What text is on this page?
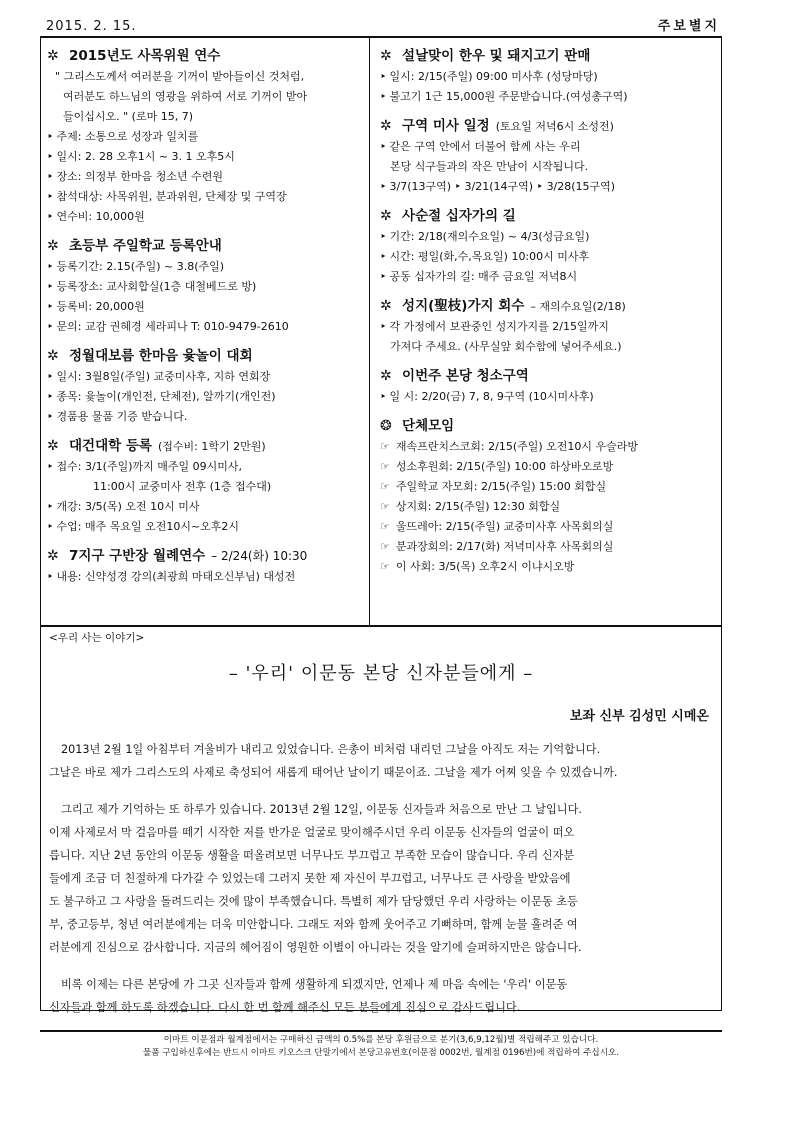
2015. 2. 15.	주보별지
✲ 2015년도 사목위원 연수
" 그리스도께서 여러분을 기꺼이 받아들이신 것처럼,
여러분도 하느님의 영광을 위하여 서로 기꺼이 받아
들이십시오. " (로마 15, 7)
‣ 주제: 소통으로 성장과 일치를
‣ 일시: 2. 28 오후1시 ~ 3. 1 오후5시
‣ 장소: 의정부 한마음 청소년 수련원
‣ 참석대상: 사목위원, 분과위원, 단체장 및 구역장
‣ 연수비: 10,000원
✲ 초등부 주일학교 등록안내
‣ 등록기간: 2.15(주일) ~ 3.8(주일)
‣ 등록장소: 교사회합실(1층 대철베드로 방)
‣ 등록비: 20,000원
‣ 문의: 교감 권혜경 세라피나 T: 010-9479-2610
✲ 정월대보름 한마음 윷놀이 대회
‣ 일시: 3월8일(주일) 교중미사후, 지하 연회장
‣ 종목: 윷놀이(개인전, 단체전), 알까기(개인전)
‣ 경품용 물품 기증 받습니다.
✲ 대건대학 등록 (접수비: 1학기 2만원)
‣ 접수: 3/1(주일)까지 매주일 09시미사,
11:00시 교중미사 전후 (1층 접수대)
‣ 개강: 3/5(목) 오전 10시 미사
‣ 수업: 매주 목요일 오전10시~오후2시
✲ 7지구 구반장 월례연수 – 2/24(화) 10:30
‣ 내용: 신약성경 강의(최광희 마태오신부님) 대성전
✲ 설날맞이 한우 및 돼지고기 판매
‣ 일시: 2/15(주일) 09:00 미사후 (성당마당)
‣ 불고기 1근 15,000원 주문받습니다.(여성총구역)
✲ 구역 미사 일정 (토요일 저녁6시 소성전)
‣ 같은 구역 안에서 더불어 함께 사는 우리
본당 식구들과의 작은 만남이 시작됩니다.
‣ 3/7(13구역) ‣ 3/21(14구역) ‣ 3/28(15구역)
✲ 사순절 십자가의 길
‣ 기간: 2/18(재의수요일) ~ 4/3(성금요일)
‣ 시간: 평일(화,수,목요일) 10:00시 미사후
‣ 공동 십자가의 길: 매주 금요일 저녁8시
✲ 성지(聖枝)가지 회수 – 재의수요일(2/18)
‣ 각 가정에서 보관중인 성지가지를 2/15일까지
가져다 주세요. (사무실앞 회수함에 넣어주세요.)
✲ 이번주 본당 청소구역
‣ 일 시: 2/20(금) 7, 8, 9구역 (10시미사후)
❂ 단체모임
☞ 재속프란치스코회: 2/15(주일) 오전10시 우슬라방
☞ 성소후원회: 2/15(주일) 10:00 하상바오로방
☞ 주일학교 자모회: 2/15(주일) 15:00 회합실
☞ 상지회: 2/15(주일) 12:30 회합실
☞ 울뜨레아: 2/15(주일) 교중미사후 사목회의실
☞ 분과장회의: 2/17(화) 저녁미사후 사목회의실
☞ 이 사회: 3/5(목) 오후2시 이냐시오방
<우리 사는 이야기>
– '우리' 이문동 본당 신자분들에게 –
보좌 신부 김성민 시메온

2013년 2월 1일 아침부터 겨울비가 내리고 있었습니다. 은총이 비처럼 내리던 그날을 아직도 저는 기억합니다.
그날은 바로 제가 그리스도의 사제로 축성되어 새롭게 태어난 날이기 때문이죠. 그날을 제가 어찌 잊을 수 있겠습니까.

그리고 제가 기억하는 또 하루가 있습니다. 2013년 2월 12일, 이문동 신자들과 처음으로 만난 그 날입니다.
이제 사제로서 막 걸음마를 떼기 시작한 저를 반가운 얼굴로 맞이해주시던 우리 이문동 신자들의 얼굴이 떠오
릅니다. 지난 2년 동안의 이문동 생활을 떠올려보면 너무나도 부끄럽고 부족한 모습이 많습니다. 우리 신자분
들에게 조금 더 친절하게 다가갈 수 있었는데 그러지 못한 제 자신이 부끄럽고, 너무나도 큰 사랑을 받았음에
도 불구하고 그 사랑을 돌려드리는 것에 많이 부족했습니다. 특별히 제가 담당했던 우리 사랑하는 이문동 초등
부, 중고등부, 청년 여러분에게는 더욱 미안합니다. 그래도 저와 함께 웃어주고 기뻐하며, 함께 눈물 흘려준 여
러분에게 진심으로 감사합니다. 지금의 헤어짐이 영원한 이별이 아니라는 것을 알기에 슬퍼하지만은 않습니다.

비록 이제는 다른 본당에 가 그곳 신자들과 함께 생활하게 되겠지만, 언제나 제 마음 속에는 '우리' 이문동
신자들과 함께 하도록 하겠습니다. 다시 한 번 함께 해주신 모든 분들에게 진심으로 감사드립니다.

이마트 이문점과 월계점에서는 구매하신 금액의 0.5%를 본당 후원금으로 분기(3,6,9,12월)별 적립해주고 있습니다.
물품 구입하신후에는 반드시 이마트 키오스크 단말기에서 본당고유번호(이문점 0002번, 월계점 0196번)에 적립하여 주십시오.
